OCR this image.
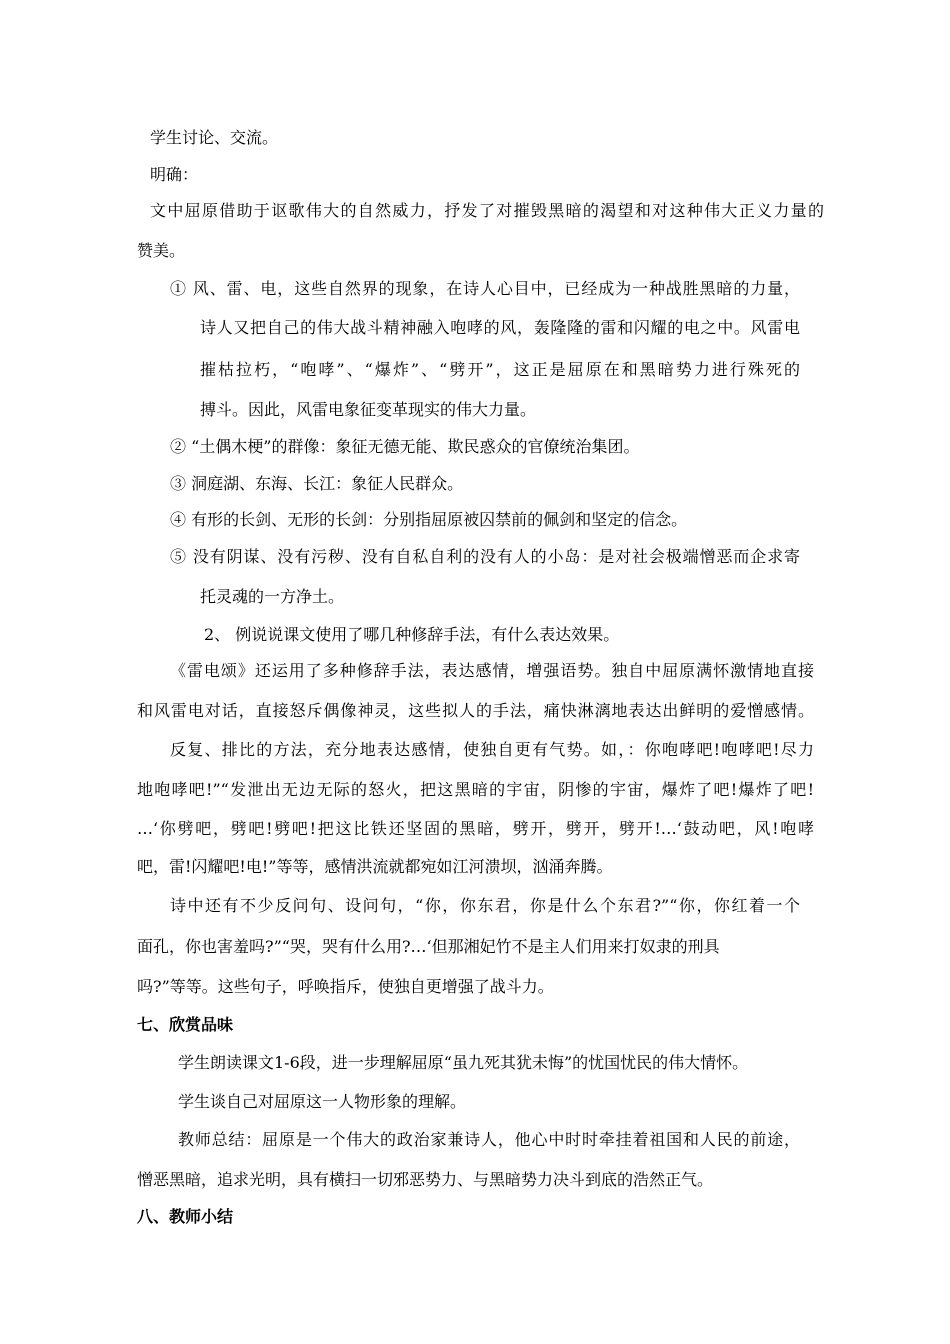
学生讨论、交流。
明确：
文中屈原借助于讴歌伟大的自然威力，抒发了对摧毁黑暗的渴望和对这种伟大正义力量的
赞美。
① 风、雷、电，这些自然界的现象，在诗人心目中，已经成为一种战胜黑暗的力量，
诗人又把自己的伟大战斗精神融入咆哮的风，轰隆隆的雷和闪耀的电之中。风雷电
摧枯拉朽，“咆哮”、“爆炸”、“劈开”，这正是屈原在和黑暗势力进行殊死的
搏斗。因此，风雷电象征变革现实的伟大力量。
② “土偶木梗”的群像：象征无德无能、欺民惑众的官僚统治集团。
③ 洞庭湖、东海、长江：象征人民群众。
④ 有形的长剑、无形的长剑：分别指屈原被囚禁前的佩剑和坚定的信念。
⑤ 没有阴谋、没有污秽、没有自私自利的没有人的小岛：是对社会极端憎恶而企求寄
托灵魂的一方净土。
2、 例说说课文使用了哪几种修辞手法，有什么表达效果。
《雷电颂》还运用了多种修辞手法，表达感情，增强语势。独自中屈原满怀激情地直接
和风雷电对话，直接怒斥偶像神灵，这些拟人的手法，痛快淋漓地表达出鲜明的爱憎感情。
反复、排比的方法，充分地表达感情，使独自更有气势。如，：你咆哮吧!咆哮吧!尽力
地咆哮吧!”“发泄出无边无际的怒火，把这黑暗的宇宙，阴惨的宇宙，爆炸了吧!爆炸了吧!
…‘你劈吧，劈吧!劈吧!把这比铁还坚固的黑暗，劈开，劈开，劈开!…‘鼓动吧，风!咆哮
吧，雷!闪耀吧!电!”等等，感情洪流就都宛如江河溃坝，汹涌奔腾。
诗中还有不少反问句、设问句，“你，你东君，你是什么个东君?”“你，你红着一个
面孔，你也害羞吗?”“哭，哭有什么用?…‘但那湘妃竹不是主人们用来打奴隶的刑具
吗?”等等。这些句子，呼唤指斥，使独自更增强了战斗力。
七、欣赏品味
学生朗读课文1-6段，进一步理解屈原“虽九死其犹未悔”的忧国忧民的伟大情怀。
学生谈自己对屈原这一人物形象的理解。
教师总结：屈原是一个伟大的政治家兼诗人，他心中时时牵挂着祖国和人民的前途，
憎恶黑暗，追求光明，具有横扫一切邪恶势力、与黑暗势力决斗到底的浩然正气。
八、教师小结
